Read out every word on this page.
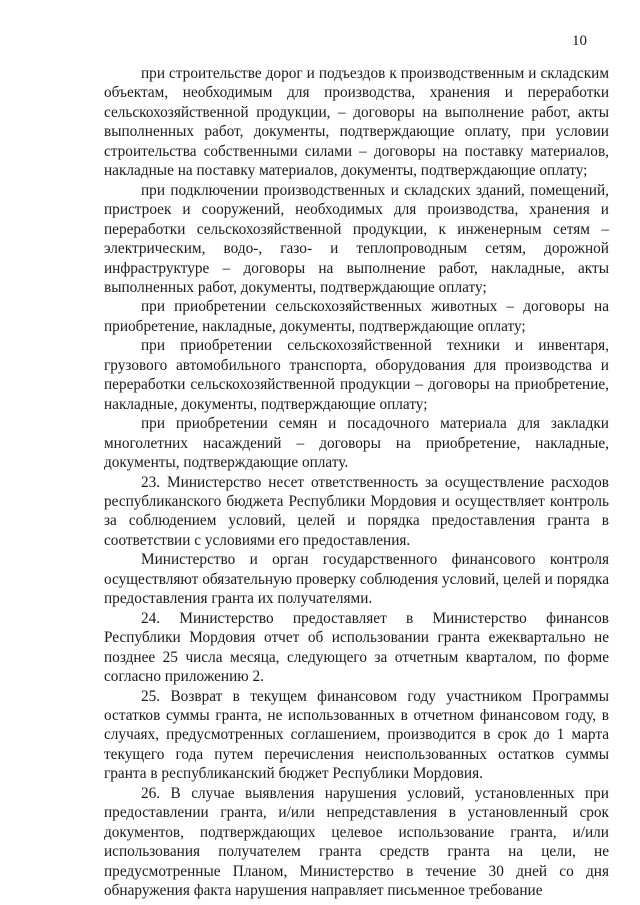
10

при строительстве дорог и подъездов к производственным и складским объектам, необходимым для производства, хранения и переработки сельскохозяйственной продукции, – договоры на выполнение работ, акты выполненных работ, документы, подтверждающие оплату, при условии строительства собственными силами – договоры на поставку материалов, накладные на поставку материалов, документы, подтверждающие оплату;

при подключении производственных и складских зданий, помещений, пристроек и сооружений, необходимых для производства, хранения и переработки сельскохозяйственной продукции, к инженерным сетям – электрическим, водо-, газо- и теплопроводным сетям, дорожной инфраструктуре – договоры на выполнение работ, накладные, акты выполненных работ, документы, подтверждающие оплату;

при приобретении сельскохозяйственных животных – договоры на приобретение, накладные, документы, подтверждающие оплату;

при приобретении сельскохозяйственной техники и инвентаря, грузового автомобильного транспорта, оборудования для производства и переработки сельскохозяйственной продукции – договоры на приобретение, накладные, документы, подтверждающие оплату;

при приобретении семян и посадочного материала для закладки многолетних насаждений – договоры на приобретение, накладные, документы, подтверждающие оплату.

23. Министерство несет ответственность за осуществление расходов республиканского бюджета Республики Мордовия и осуществляет контроль за соблюдением условий, целей и порядка предоставления гранта в соответствии с условиями его предоставления.

Министерство и орган государственного финансового контроля осуществляют обязательную проверку соблюдения условий, целей и порядка предоставления гранта их получателями.

24. Министерство предоставляет в Министерство финансов Республики Мордовия отчет об использовании гранта ежеквартально не позднее 25 числа месяца, следующего за отчетным кварталом, по форме согласно приложению 2.

25. Возврат в текущем финансовом году участником Программы остатков суммы гранта, не использованных в отчетном финансовом году, в случаях, предусмотренных соглашением, производится в срок до 1 марта текущего года путем перечисления неиспользованных остатков суммы гранта в республиканский бюджет Республики Мордовия.

26. В случае выявления нарушения условий, установленных при предоставлении гранта, и/или непредставления в установленный срок документов, подтверждающих целевое использование гранта, и/или использования получателем гранта средств гранта на цели, не предусмотренные Планом, Министерство в течение 30 дней со дня обнаружения факта нарушения направляет письменное требование
